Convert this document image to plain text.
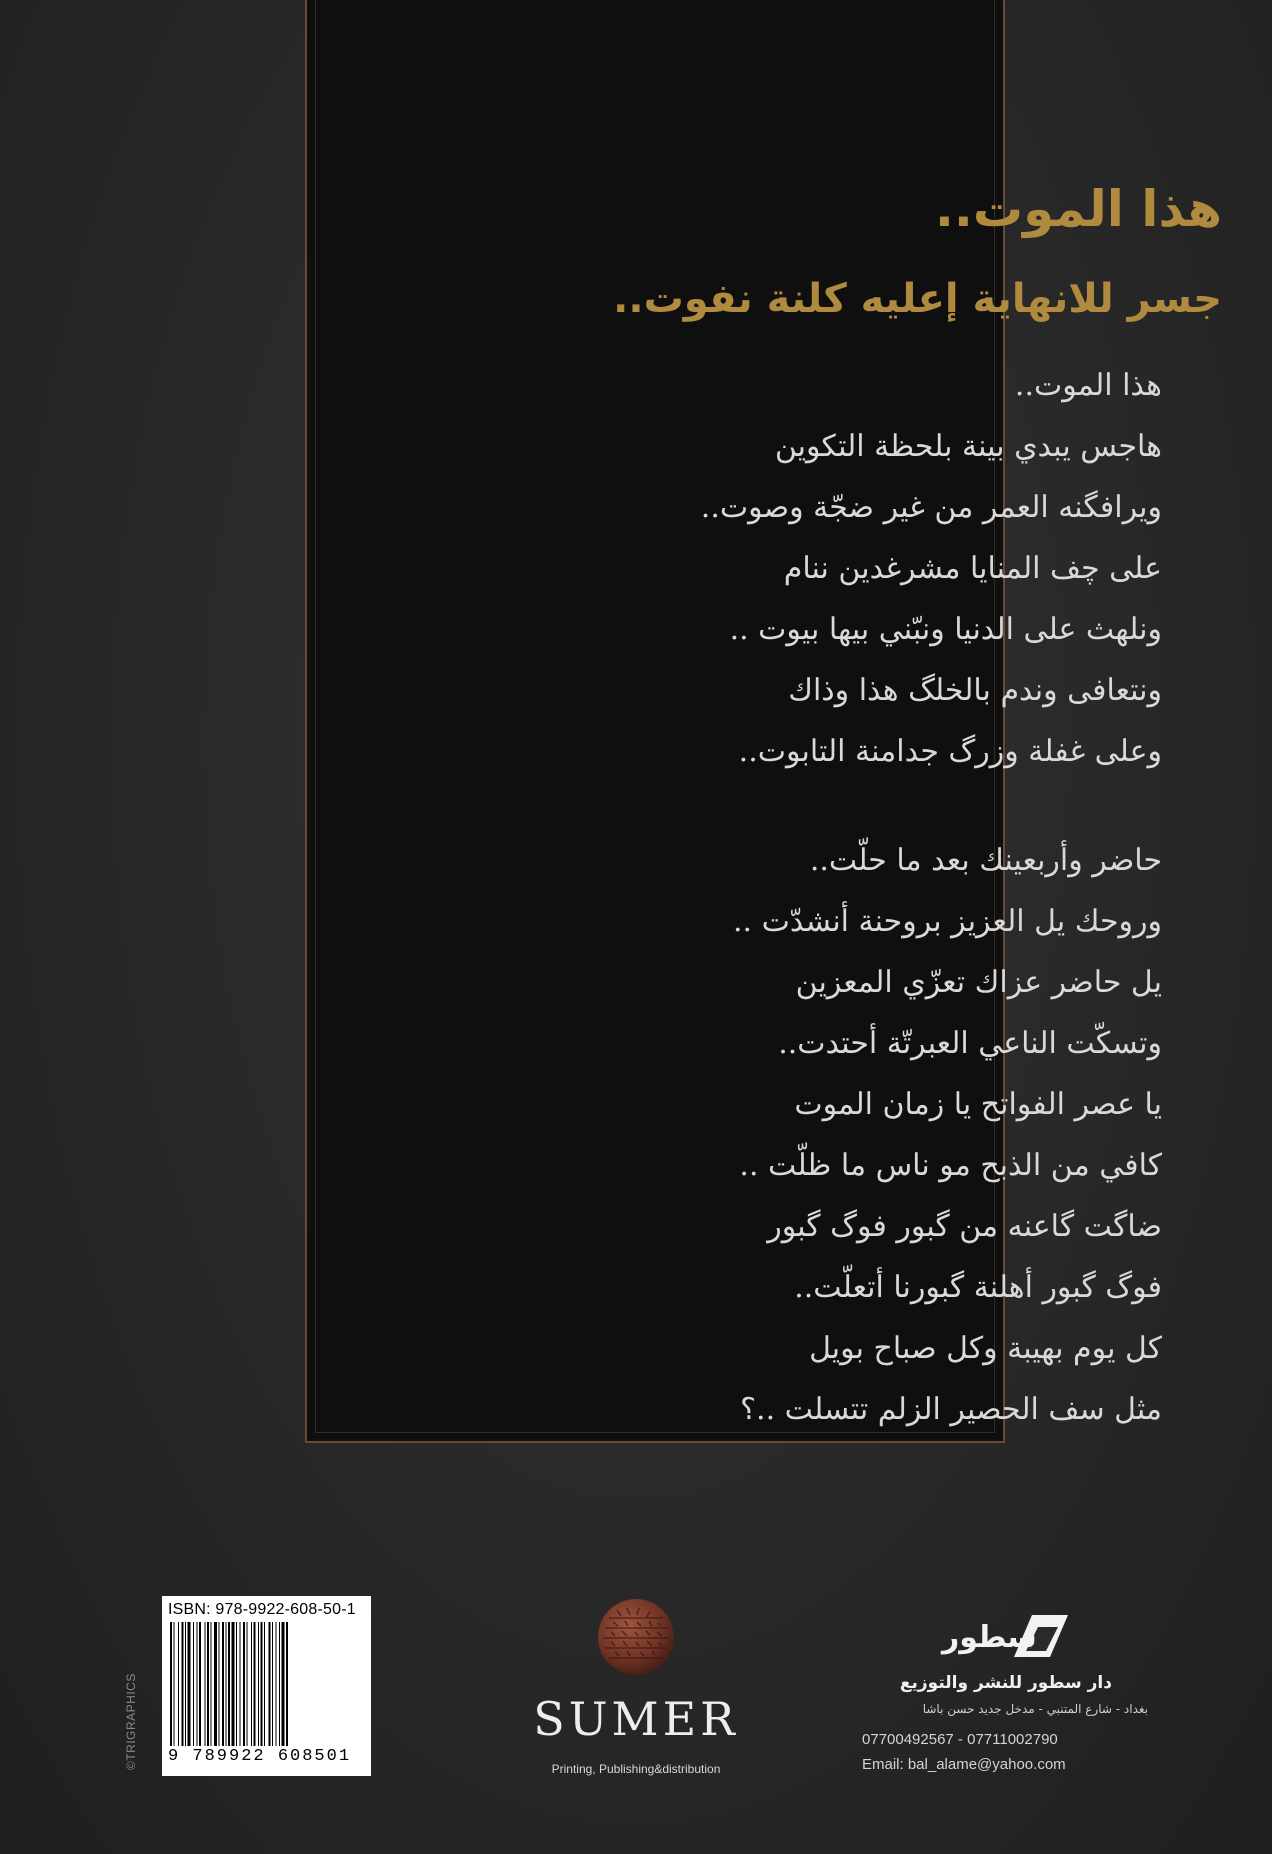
هذا الموت..
جسر للانهاية إعليه كلنة نفوت..
هذا الموت..
هاجس يبدي بينة بلحظة التكوين
ويرافگنه العمر من غير ضجّة وصوت..
على چف المنايا مشرغدين ننام
ونلهث على الدنيا ونبّني بيها بيوت ..
ونتعافى وندم بالخلگ هذا وذاك
وعلى غفلة وزرگ جدامنة التابوت..
حاضر وأربعينك بعد ما حلّت..
وروحك يل العزيز بروحنة أنشدّت ..
يل حاضر عزاك تعزّي المعزين
وتسكّت الناعي العبرتّة أحتدت..
يا عصر الفواتح يا زمان الموت
كافي من الذبح مو ناس ما ظلّت ..
ضاگت گاعنه من گبور فوگ گبور
فوگ گبور أهلنة گبورنا أتعلّت..
كل يوم بهيبة وكل صباح بويل
مثل سف الحصير الزلم تتسلت ..؟
©TRIGRAPHICS
ISBN: 978-9922-608-50-1
9 789922 608501
SUMER
Printing, Publishing&distribution
سطور
دار سطور للنشر والتوزيع
بغداد - شارع المتنبي - مدخل جديد حسن باشا
07700492567 - 07711002790
Email: bal_alame@yahoo.com
